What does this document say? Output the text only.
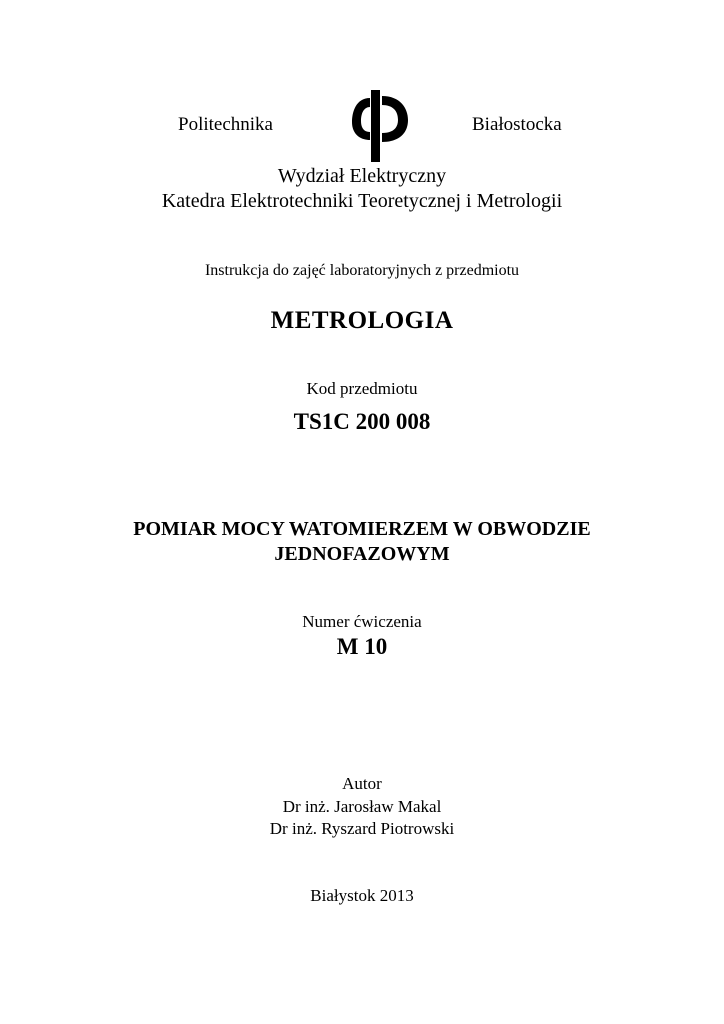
Politechnika	Białostocka
Wydział Elektryczny
Katedra Elektrotechniki Teoretycznej i Metrologii
Instrukcja do zajęć laboratoryjnych z przedmiotu
METROLOGIA
Kod przedmiotu
TS1C 200 008
POMIAR MOCY WATOMIERZEM W OBWODZIE
JEDNOFAZOWYM
Numer ćwiczenia
M 10
Autor
Dr inż. Jarosław Makal
Dr inż. Ryszard Piotrowski
Białystok 2013
